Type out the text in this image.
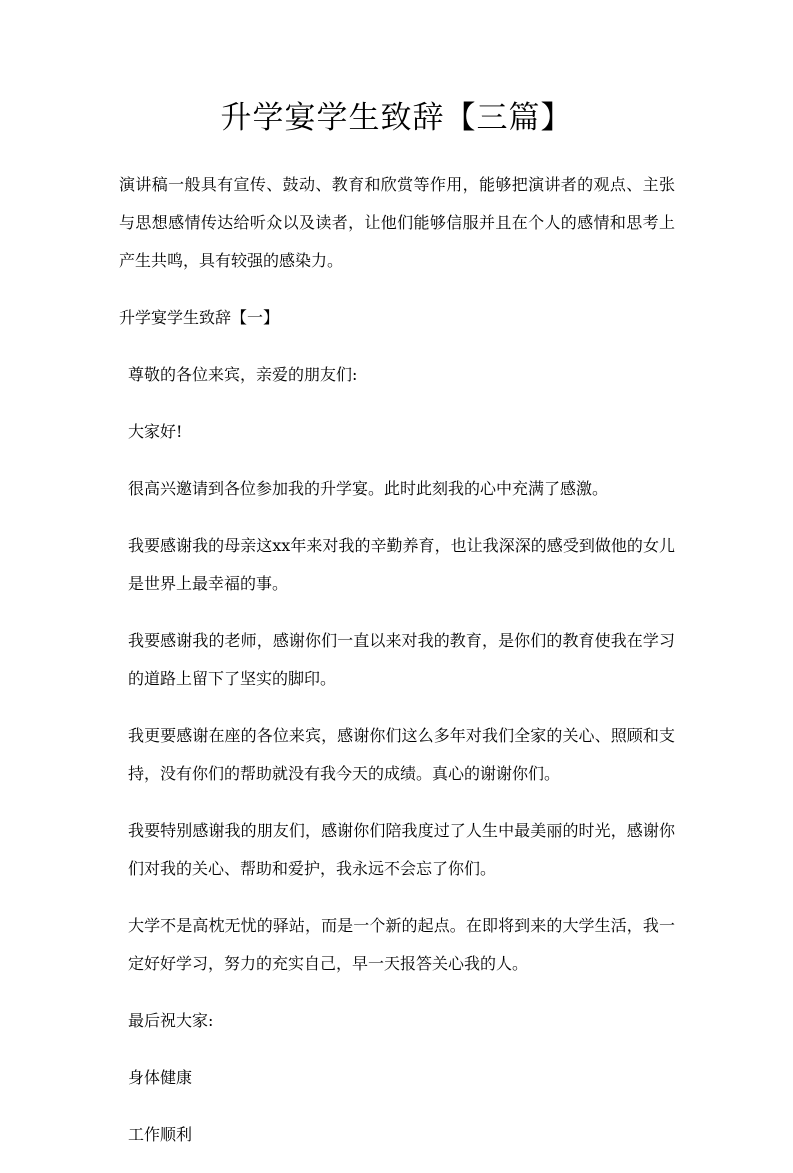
升学宴学生致辞【三篇】

演讲稿一般具有宣传、鼓动、教育和欣赏等作用，能够把演讲者的观点、主张与思想感情传达给听众以及读者，让他们能够信服并且在个人的感情和思考上产生共鸣，具有较强的感染力。

升学宴学生致辞【一】

尊敬的各位来宾，亲爱的朋友们:

大家好!

很高兴邀请到各位参加我的升学宴。此时此刻我的心中充满了感激。

我要感谢我的母亲这xx年来对我的辛勤养育，也让我深深的感受到做他的女儿是世界上最幸福的事。

我要感谢我的老师，感谢你们一直以来对我的教育，是你们的教育使我在学习的道路上留下了坚实的脚印。

我更要感谢在座的各位来宾，感谢你们这么多年对我们全家的关心、照顾和支持，没有你们的帮助就没有我今天的成绩。真心的谢谢你们。

我要特别感谢我的朋友们，感谢你们陪我度过了人生中最美丽的时光，感谢你们对我的关心、帮助和爱护，我永远不会忘了你们。

大学不是高枕无忧的驿站，而是一个新的起点。在即将到来的大学生活，我一定好好学习，努力的充实自己，早一天报答关心我的人。

最后祝大家:

身体健康

工作顺利
